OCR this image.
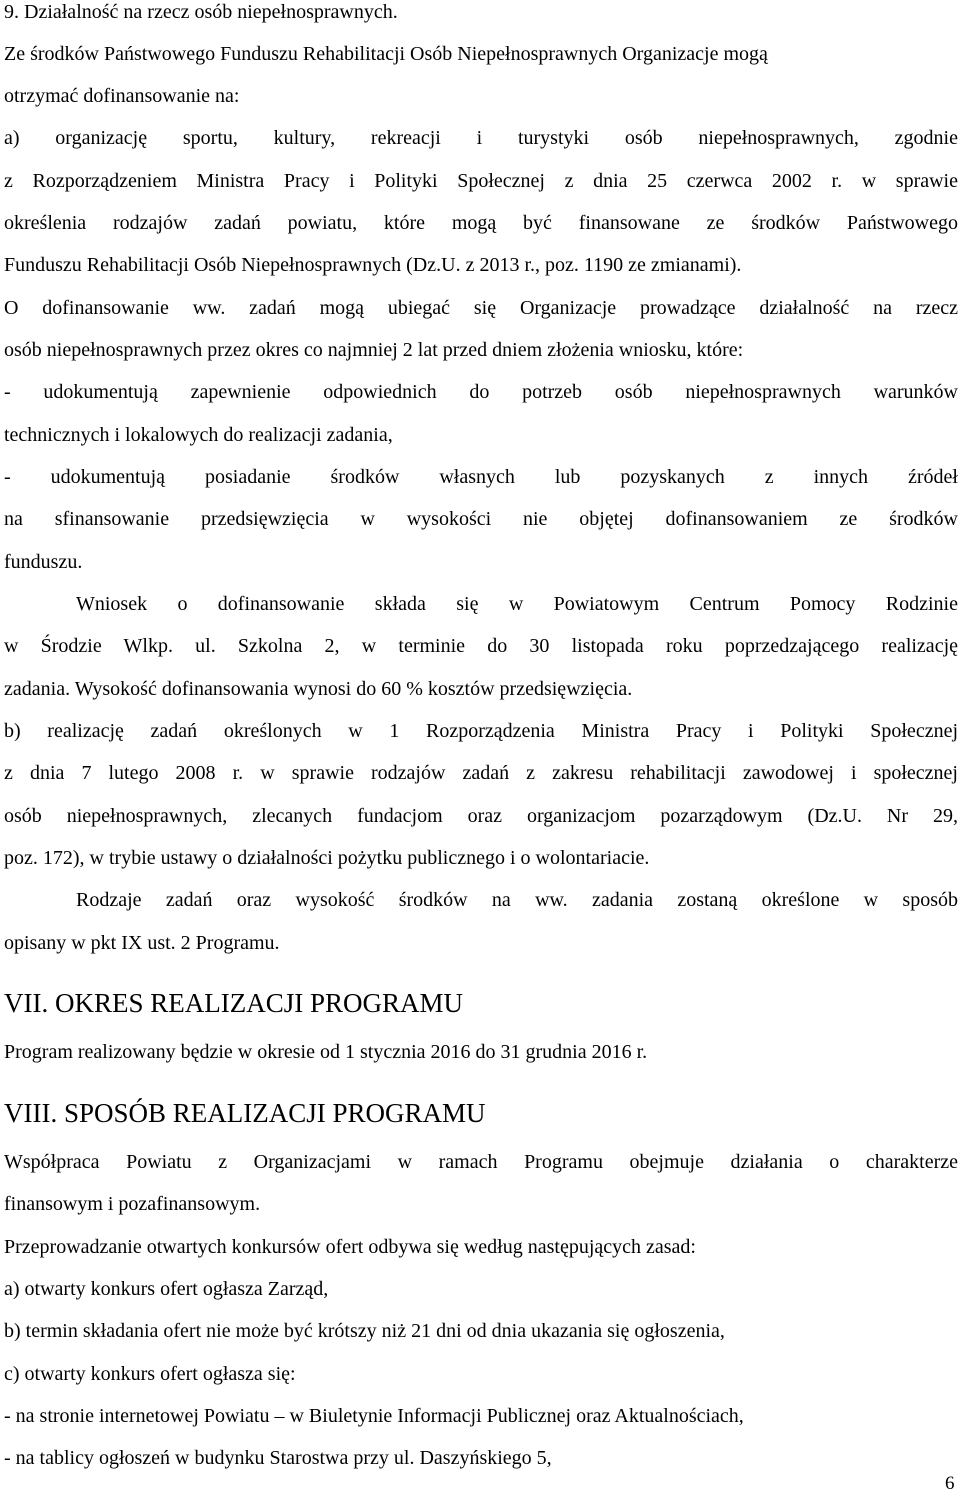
9. Działalność na rzecz osób niepełnosprawnych.
Ze środków Państwowego Funduszu Rehabilitacji Osób Niepełnosprawnych Organizacje mogą
otrzymać dofinansowanie na:
a) organizację sportu, kultury, rekreacji i turystyki osób niepełnosprawnych, zgodnie
z Rozporządzeniem Ministra Pracy i Polityki Społecznej z dnia 25 czerwca 2002 r. w sprawie
określenia rodzajów zadań powiatu, które mogą być finansowane ze środków Państwowego
Funduszu Rehabilitacji Osób Niepełnosprawnych (Dz.U. z 2013 r., poz. 1190 ze zmianami).
O dofinansowanie ww. zadań mogą ubiegać się Organizacje prowadzące działalność na rzecz
osób niepełnosprawnych przez okres co najmniej 2 lat przed dniem złożenia wniosku, które:
- udokumentują zapewnienie odpowiednich do potrzeb osób niepełnosprawnych warunków
technicznych i lokalowych do realizacji zadania,
- udokumentują posiadanie środków własnych lub pozyskanych z innych źródeł
na sfinansowanie przedsięwzięcia w wysokości nie objętej dofinansowaniem ze środków
funduszu.
Wniosek o dofinansowanie składa się w Powiatowym Centrum Pomocy Rodzinie
w Środzie Wlkp. ul. Szkolna 2, w terminie do 30 listopada roku poprzedzającego realizację
zadania. Wysokość dofinansowania wynosi do 60 % kosztów przedsięwzięcia.
b) realizację zadań określonych w 1 Rozporządzenia Ministra Pracy i Polityki Społecznej
z dnia 7 lutego 2008 r. w sprawie rodzajów zadań z zakresu rehabilitacji zawodowej i społecznej
osób niepełnosprawnych, zlecanych fundacjom oraz organizacjom pozarządowym (Dz.U. Nr 29,
poz. 172), w trybie ustawy o działalności pożytku publicznego i o wolontariacie.
Rodzaje zadań oraz wysokość środków na ww. zadania zostaną określone w sposób
opisany w pkt IX ust. 2 Programu.
VII. OKRES REALIZACJI PROGRAMU
Program realizowany będzie w okresie od 1 stycznia 2016 do 31 grudnia 2016 r.
VIII. SPOSÓB REALIZACJI PROGRAMU
Współpraca Powiatu z Organizacjami w ramach Programu obejmuje działania o charakterze
finansowym i pozafinansowym.
Przeprowadzanie otwartych konkursów ofert odbywa się według następujących zasad:
a) otwarty konkurs ofert ogłasza Zarząd,
b) termin składania ofert nie może być krótszy niż 21 dni od dnia ukazania się ogłoszenia,
c) otwarty konkurs ofert ogłasza się:
- na stronie internetowej Powiatu – w Biuletynie Informacji Publicznej oraz Aktualnościach,
- na tablicy ogłoszeń w budynku Starostwa przy ul. Daszyńskiego 5,
6
